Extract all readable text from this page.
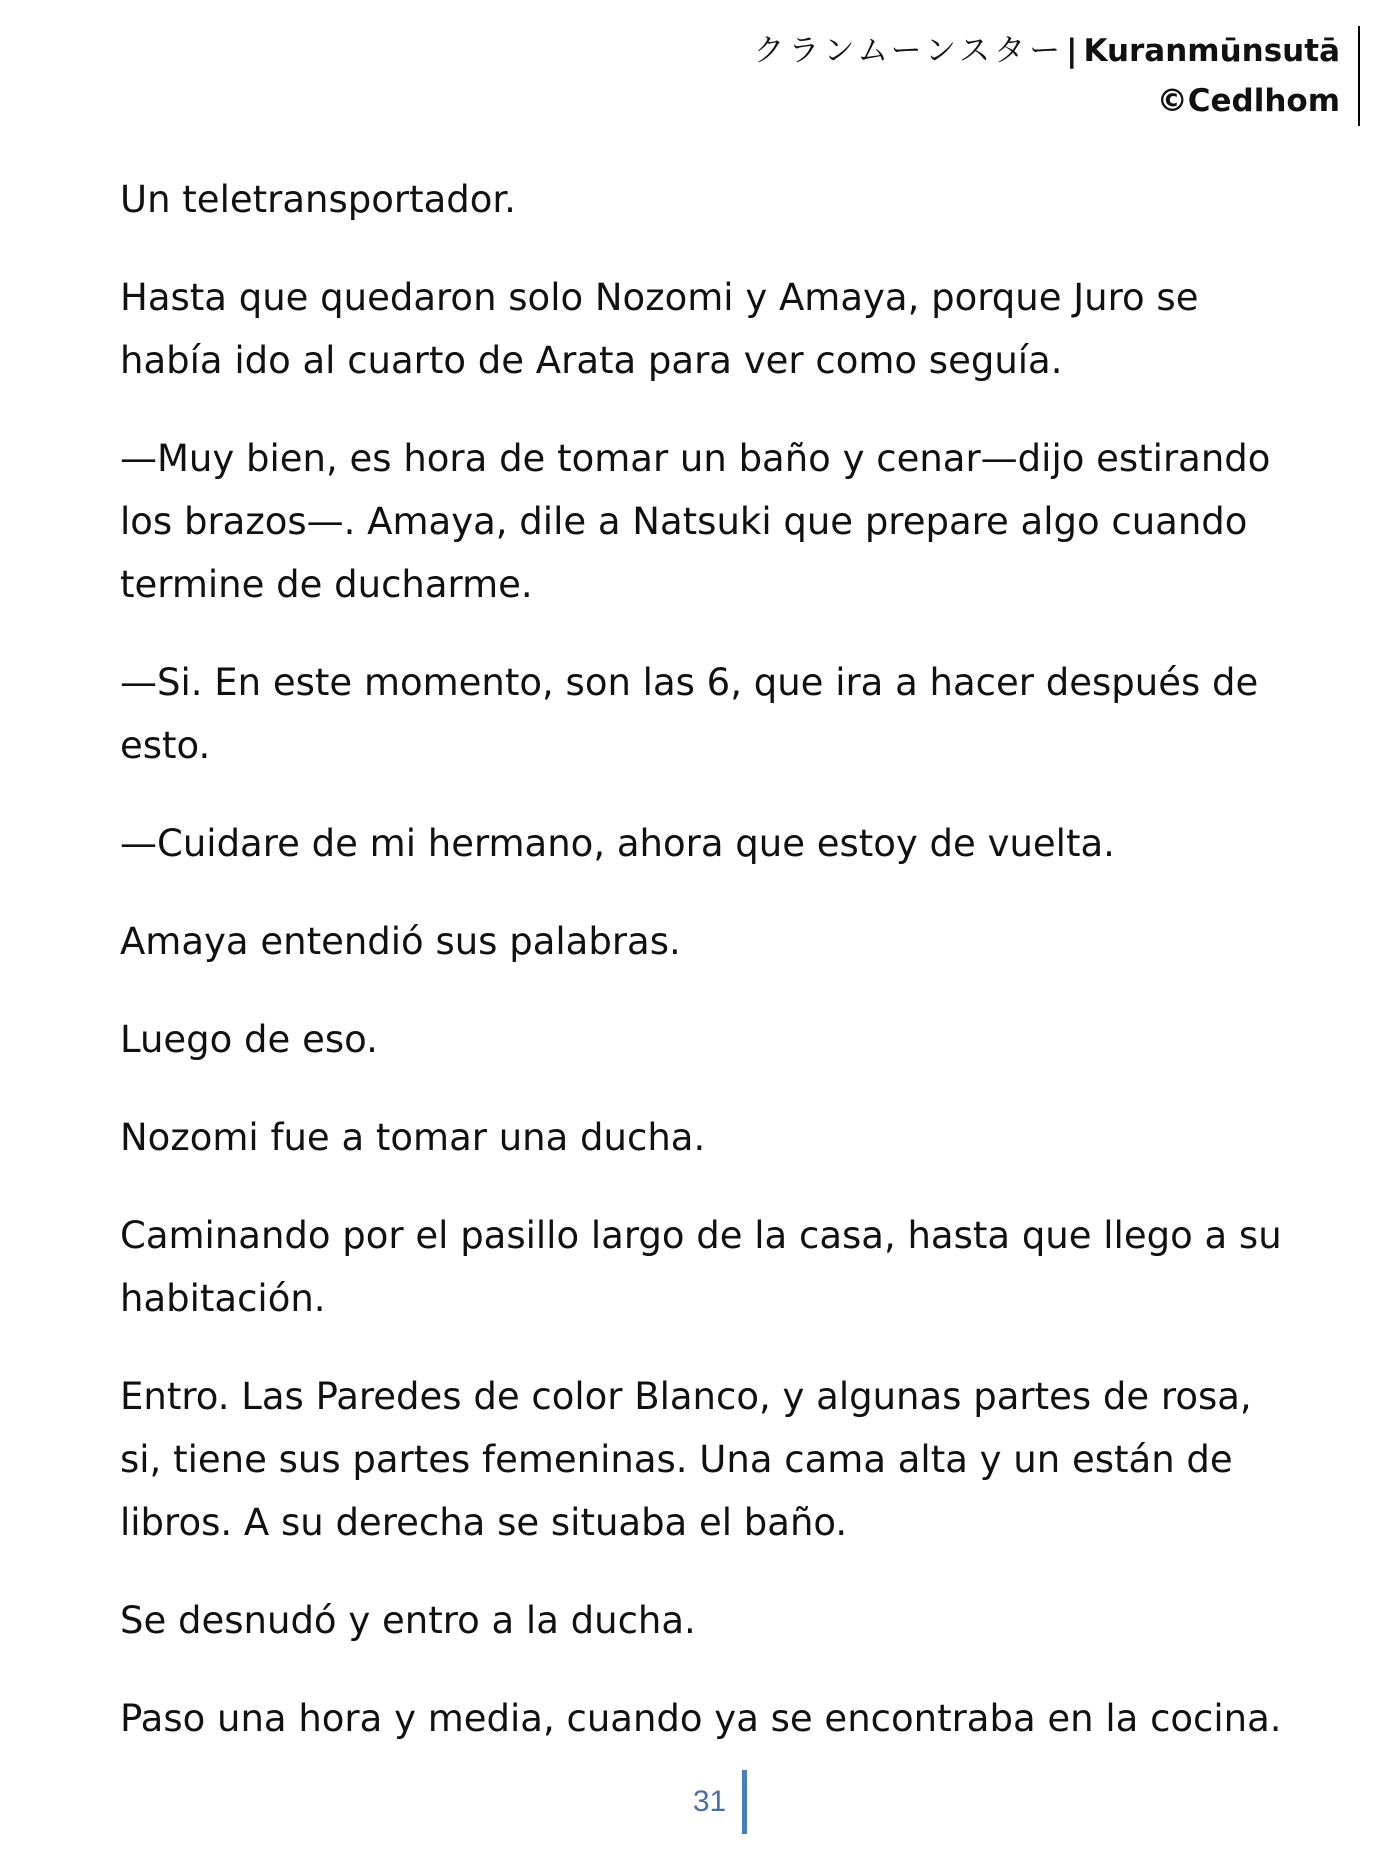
クランムーンスター| Kuranmūnsutā
©Cedlhom

Un teletransportador.

Hasta que quedaron solo Nozomi y Amaya, porque Juro se había ido al cuarto de Arata para ver como seguía.

—Muy bien, es hora de tomar un baño y cenar—dijo estirando los brazos—. Amaya, dile a Natsuki que prepare algo cuando termine de ducharme.

—Si. En este momento, son las 6, que ira a hacer después de esto.

—Cuidare de mi hermano, ahora que estoy de vuelta.

Amaya entendió sus palabras.

Luego de eso.

Nozomi fue a tomar una ducha.

Caminando por el pasillo largo de la casa, hasta que llego a su habitación.

Entro. Las Paredes de color Blanco, y algunas partes de rosa, si, tiene sus partes femeninas. Una cama alta y un están de libros. A su derecha se situaba el baño.

Se desnudó y entro a la ducha.

Paso una hora y media, cuando ya se encontraba en la cocina.

31
